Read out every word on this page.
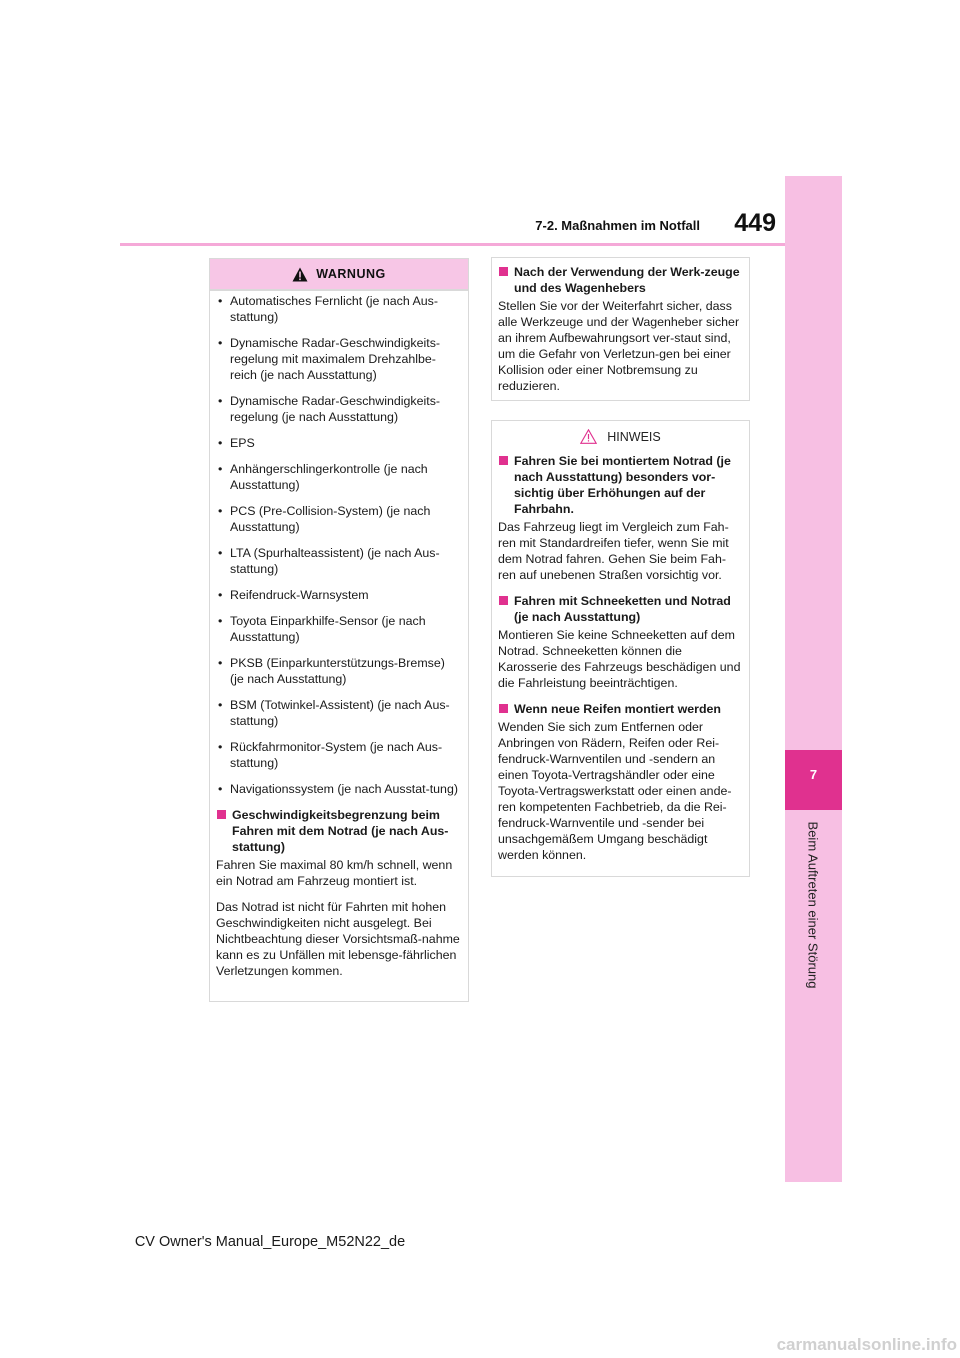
449
7-2. Maßnahmen im Notfall
7
Beim Auftreten einer Störung
WARNUNG
• Automatisches Fernlicht (je nach Aus-stattung)
• Dynamische Radar-Geschwindigkeits-regelung mit maximalem Drehzahlbe-reich (je nach Ausstattung)
• Dynamische Radar-Geschwindigkeits-regelung (je nach Ausstattung)
• EPS
• Anhängerschlingerkontrolle (je nach Ausstattung)
• PCS (Pre-Collision-System) (je nach Ausstattung)
• LTA (Spurhalteassistent) (je nach Aus-stattung)
• Reifendruck-Warnsystem
• Toyota Einparkhilfe-Sensor (je nach Ausstattung)
• PKSB (Einparkunterstützungs-Bremse) (je nach Ausstattung)
• BSM (Totwinkel-Assistent) (je nach Aus-stattung)
• Rückfahrmonitor-System (je nach Aus-stattung)
• Navigationssystem (je nach Ausstat-tung)
Geschwindigkeitsbegrenzung beim Fahren mit dem Notrad (je nach Aus-stattung)
Fahren Sie maximal 80 km/h schnell, wenn ein Notrad am Fahrzeug montiert ist.
Das Notrad ist nicht für Fahrten mit hohen Geschwindigkeiten nicht ausgelegt. Bei Nichtbeachtung dieser Vorsichtsmaß-nahme kann es zu Unfällen mit lebensge-fährlichen Verletzungen kommen.
Nach der Verwendung der Werk-zeuge und des Wagenhebers
Stellen Sie vor der Weiterfahrt sicher, dass alle Werkzeuge und der Wagenheber sicher an ihrem Aufbewahrungsort ver-staut sind, um die Gefahr von Verletzun-gen bei einer Kollision oder einer Notbremsung zu reduzieren.
HINWEIS
Fahren Sie bei montiertem Notrad (je nach Ausstattung) besonders vor-sichtig über Erhöhungen auf der Fahrbahn.
Das Fahrzeug liegt im Vergleich zum Fah-ren mit Standardreifen tiefer, wenn Sie mit dem Notrad fahren. Gehen Sie beim Fah-ren auf unebenen Straßen vorsichtig vor.
Fahren mit Schneeketten und Notrad (je nach Ausstattung)
Montieren Sie keine Schneeketten auf dem Notrad. Schneeketten können die Karosserie des Fahrzeugs beschädigen und die Fahrleistung beeinträchtigen.
Wenn neue Reifen montiert werden
Wenden Sie sich zum Entfernen oder Anbringen von Rädern, Reifen oder Rei-fendruck-Warnventilen und -sendern an einen Toyota-Vertragshändler oder eine Toyota-Vertragswerkstatt oder einen ande-ren kompetenten Fachbetrieb, da die Rei-fendruck-Warnventile und -sender bei unsachgemäßem Umgang beschädigt werden können.
CV Owner's Manual_Europe_M52N22_de
carmanualsonline.info
